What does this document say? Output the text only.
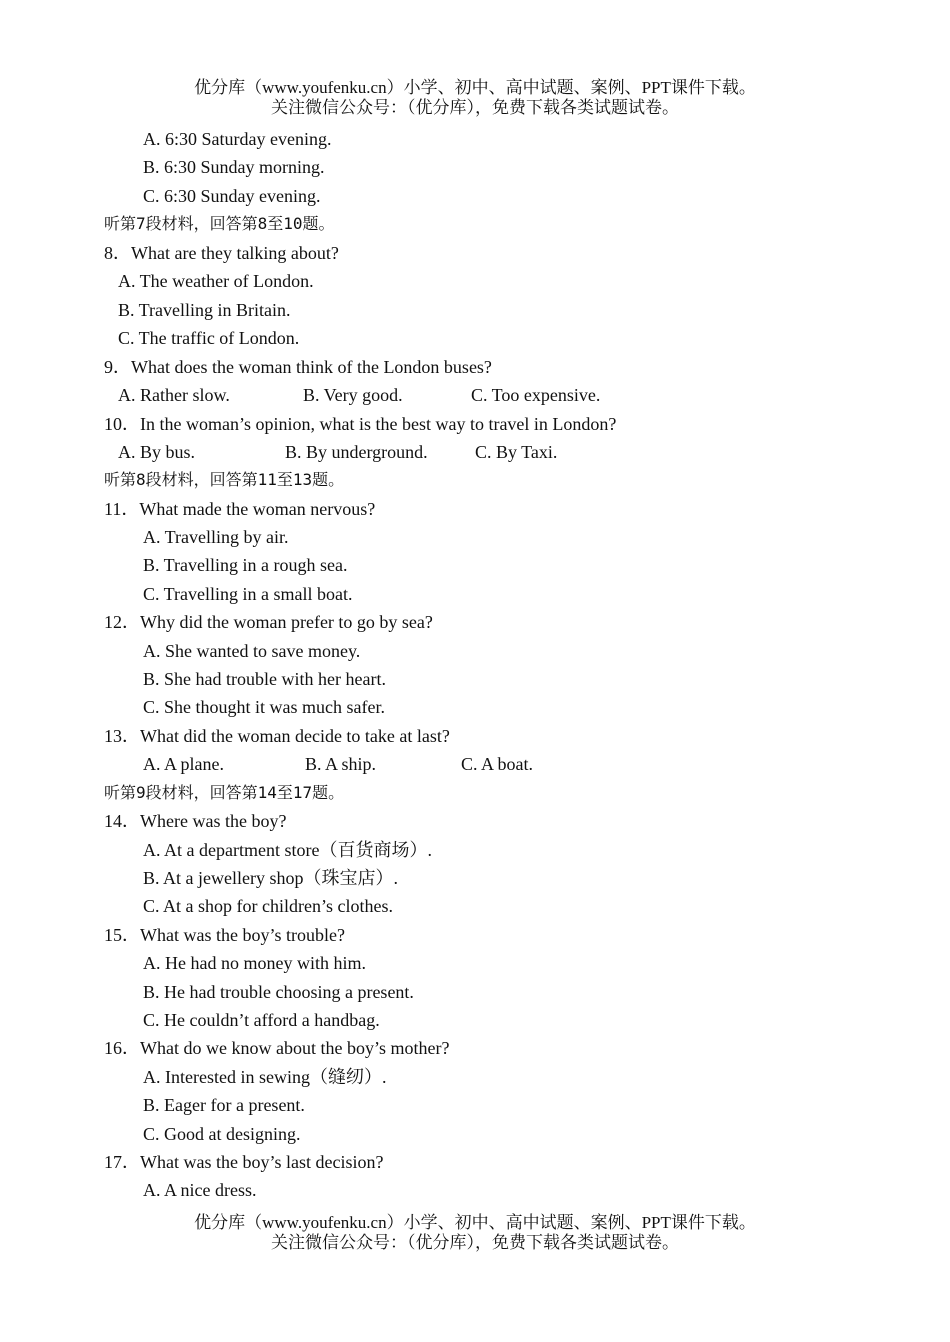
优分库（www.youfenku.cn）小学、初中、高中试题、案例、PPT课件下载。
关注微信公众号：（优分库），免费下载各类试题试卷。
A. 6:30 Saturday evening.
B. 6:30 Sunday morning.
C. 6:30 Sunday evening.
听第7段材料，回答第8至10题。
8．What are they talking about?
A. The weather of London.
B. Travelling in Britain.
C. The traffic of London.
9．What does the woman think of the London buses?
A. Rather slow.	B. Very good.	C. Too expensive.
10．In the woman’s opinion, what is the best way to travel in London?
A. By bus.	B. By underground.	C. By Taxi.
听第8段材料，回答第11至13题。
11．What made the woman nervous?
A. Travelling by air.
B. Travelling in a rough sea.
C. Travelling in a small boat.
12．Why did the woman prefer to go by sea?
A. She wanted to save money.
B. She had trouble with her heart.
C. She thought it was much safer.
13．What did the woman decide to take at last?
A. A plane.	B. A ship.	C. A boat.
听第9段材料，回答第14至17题。
14．Where was the boy?
A. At a department store（百货商场）.
B. At a jewellery shop（珠宝店）.
C. At a shop for children’s clothes.
15．What was the boy’s trouble?
A. He had no money with him.
B. He had trouble choosing a present.
C. He couldn’t afford a handbag.
16．What do we know about the boy’s mother?
A. Interested in sewing（缝纫）.
B. Eager for a present.
C. Good at designing.
17．What was the boy’s last decision?
A. A nice dress.
优分库（www.youfenku.cn）小学、初中、高中试题、案例、PPT课件下载。
关注微信公众号：（优分库），免费下载各类试题试卷。
